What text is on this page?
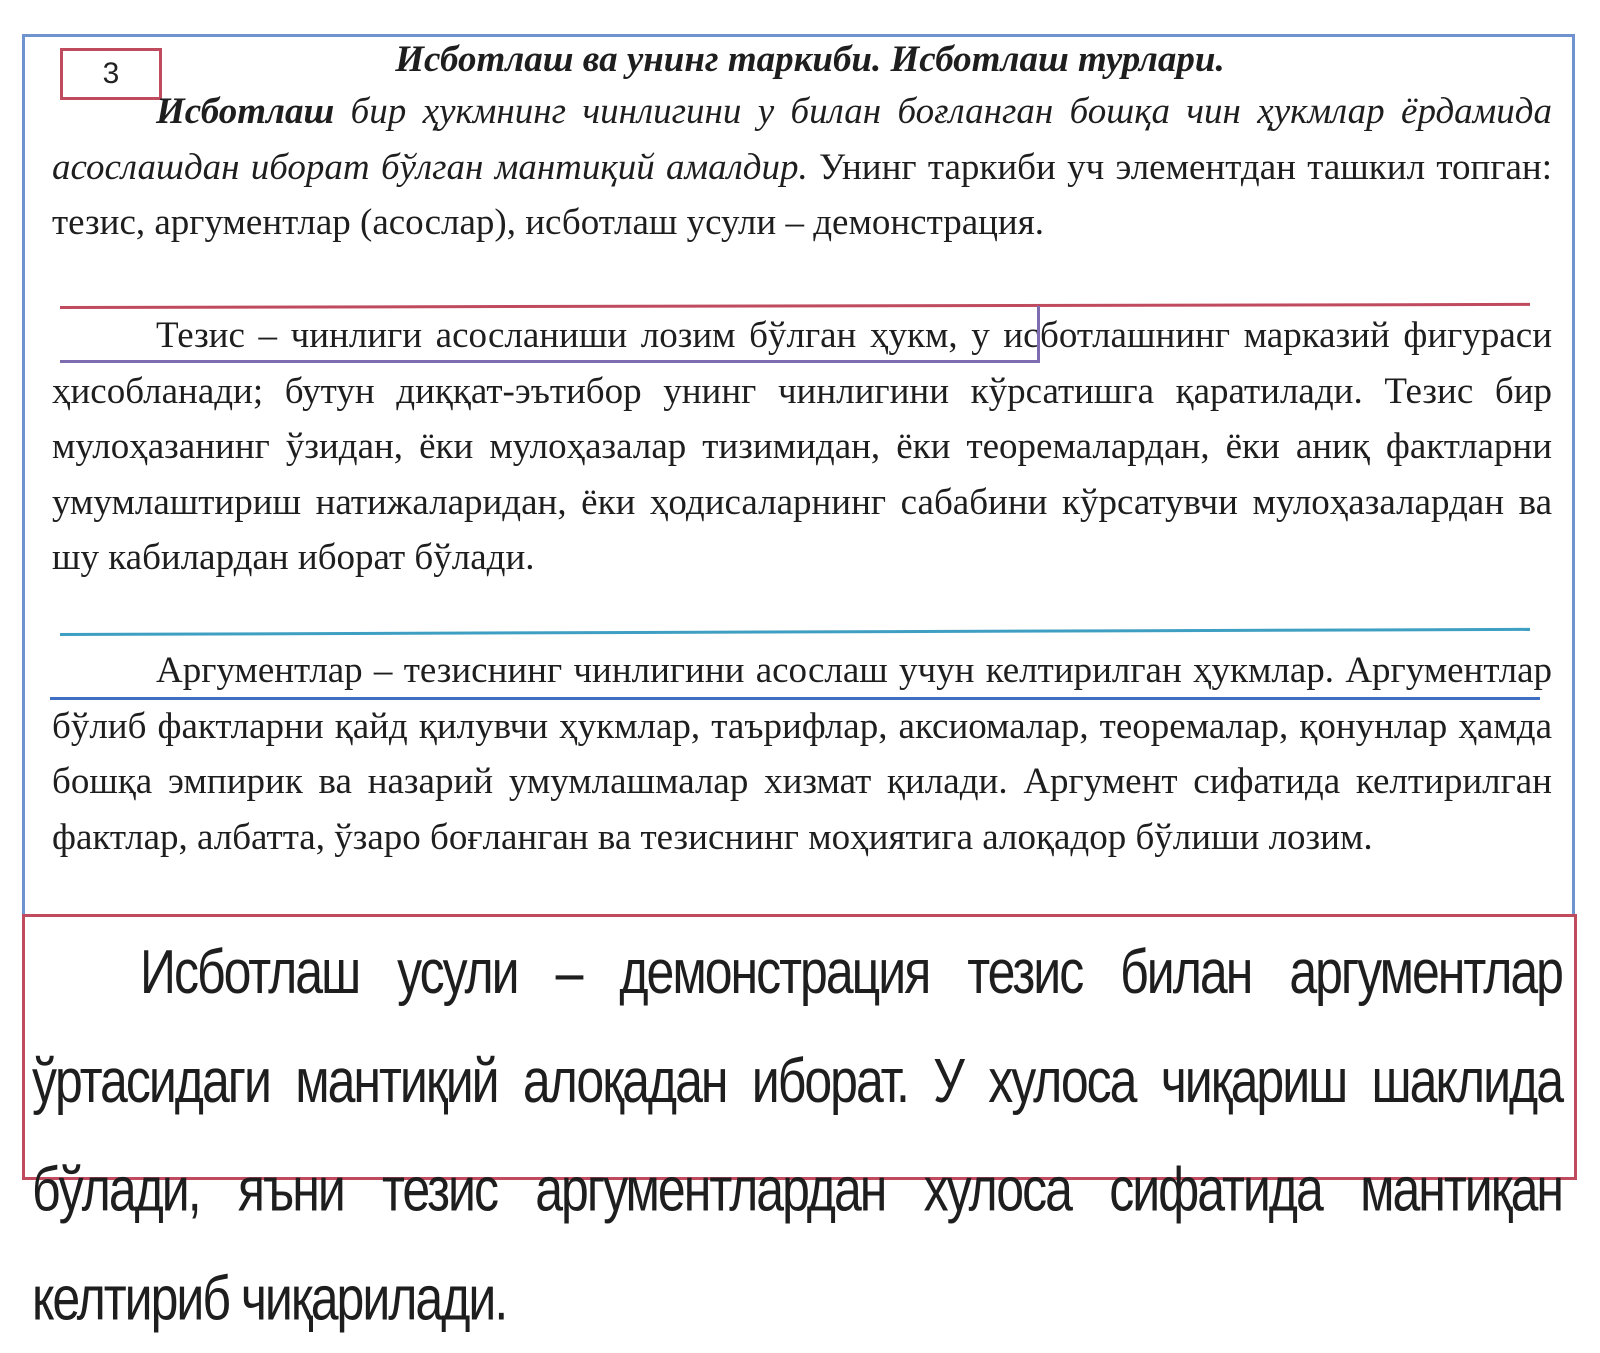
3	Исботлаш ва унинг таркиби. Исботлаш турлари.

Исботлаш бир ҳукмнинг чинлигини у билан боғланган бошқа чин ҳукмлар ёрдамида асослашдан иборат бўлган мантиқий амалдир. Унинг таркиби уч элементдан ташкил топган: тезис, аргументлар (асослар), исботлаш усули – демонстрация.

Тезис – чинлиги асосланиши лозим бўлган ҳукм, у исботлашнинг марказий фигураси ҳисобланади; бутун диққат-эътибор унинг чинлигини кўрсатишга қаратилади. Тезис бир мулоҳазанинг ўзидан, ёки мулоҳазалар тизимидан, ёки теоремалардан, ёки аниқ фактларни умумлаштириш натижаларидан, ёки ҳодисаларнинг сабабини кўрсатувчи мулоҳазалардан ва шу кабилардан иборат бўлади.

Аргументлар – тезиснинг чинлигини асослаш учун келтирилган ҳукмлар. Аргументлар бўлиб фактларни қайд қилувчи ҳукмлар, таърифлар, аксиомалар, теоремалар, қонунлар ҳамда бошқа эмпирик ва назарий умумлашмалар хизмат қилади. Аргумент сифатида келтирилган фактлар, албатта, ўзаро боғланган ва тезиснинг моҳиятига алоқадор бўлиши лозим.

Исботлаш усули – демонстрация тезис билан аргументлар ўртасидаги мантиқий алоқадан иборат. У хулоса чиқариш шаклида бўлади, яъни тезис аргументлардан хулоса сифатида мантиқан келтириб чиқарилади.
